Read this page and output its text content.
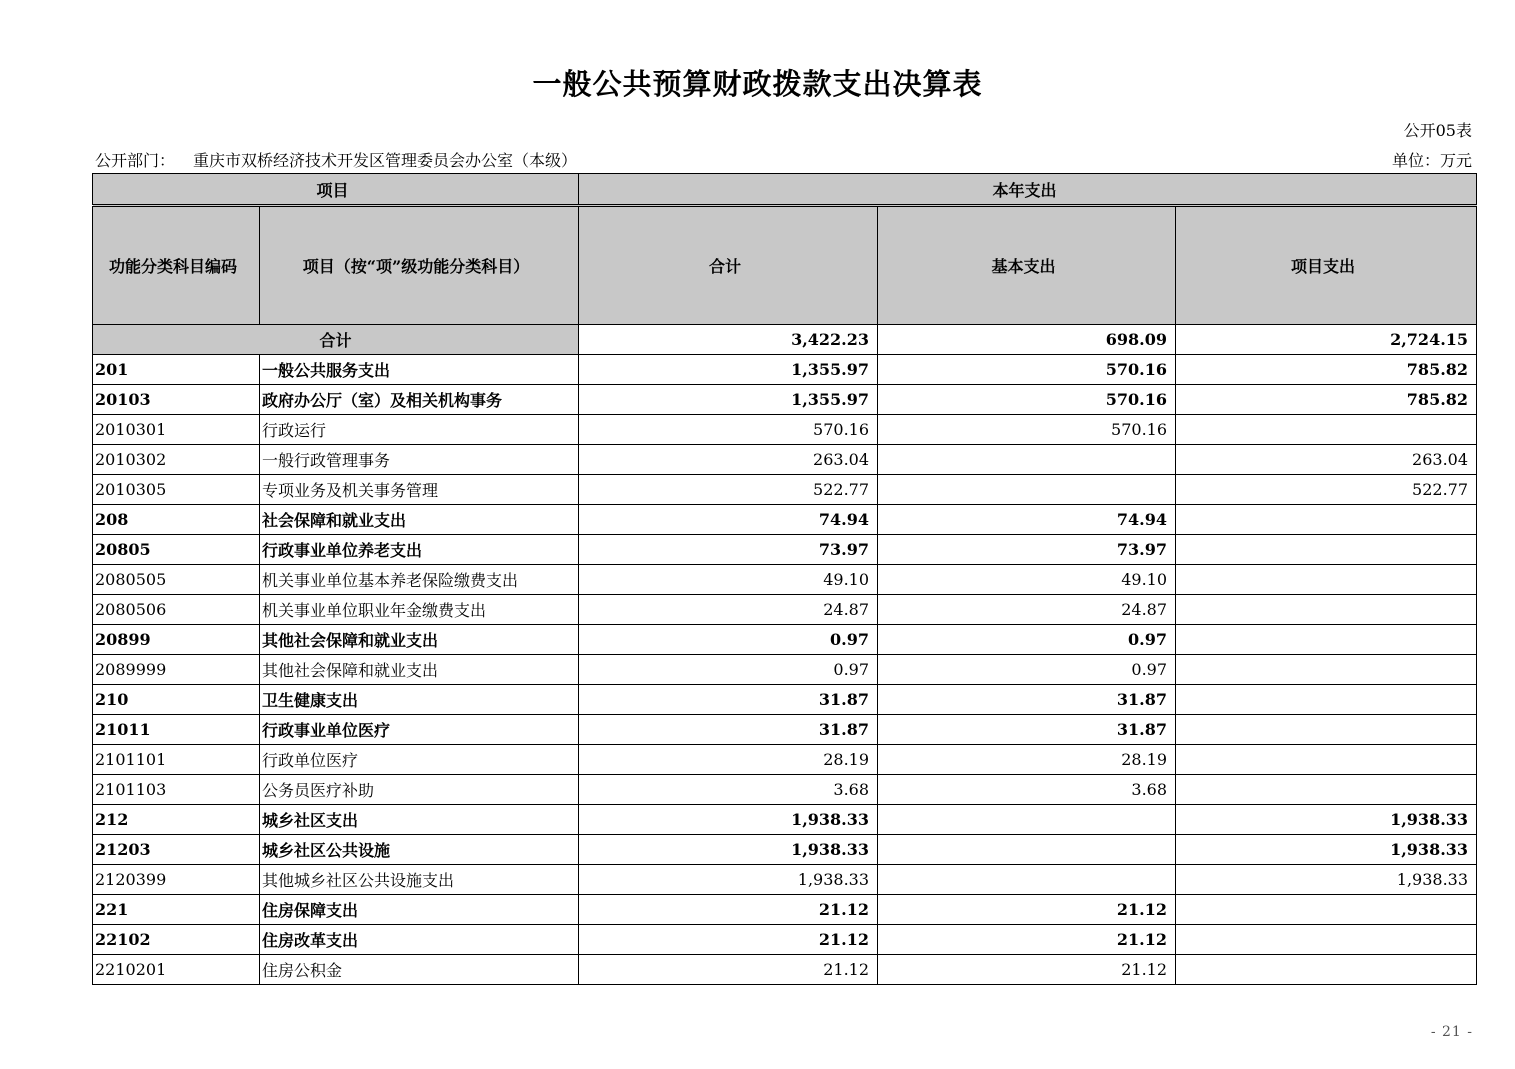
一般公共预算财政拨款支出决算表
公开05表
公开部门： 重庆市双桥经济技术开发区管理委员会办公室（本级）	单位：万元
项目		本年支出		
功能分类科目编码	项目（按“项”级功能分类科目）	合计	基本支出	项目支出
合计		3,422.23	698.09	2,724.15
201	一般公共服务支出	1,355.97	570.16	785.82
20103	政府办公厅（室）及相关机构事务	1,355.97	570.16	785.82
2010301	行政运行	570.16	570.16	
2010302	一般行政管理事务	263.04		263.04
2010305	专项业务及机关事务管理	522.77		522.77
208	社会保障和就业支出	74.94	74.94	
20805	行政事业单位养老支出	73.97	73.97	
2080505	机关事业单位基本养老保险缴费支出	49.10	49.10	
2080506	机关事业单位职业年金缴费支出	24.87	24.87	
20899	其他社会保障和就业支出	0.97	0.97	
2089999	其他社会保障和就业支出	0.97	0.97	
210	卫生健康支出	31.87	31.87	
21011	行政事业单位医疗	31.87	31.87	
2101101	行政单位医疗	28.19	28.19	
2101103	公务员医疗补助	3.68	3.68	
212	城乡社区支出	1,938.33		1,938.33
21203	城乡社区公共设施	1,938.33		1,938.33
2120399	其他城乡社区公共设施支出	1,938.33		1,938.33
221	住房保障支出	21.12	21.12	
22102	住房改革支出	21.12	21.12	
2210201	住房公积金	21.12	21.12	
- 21 -
